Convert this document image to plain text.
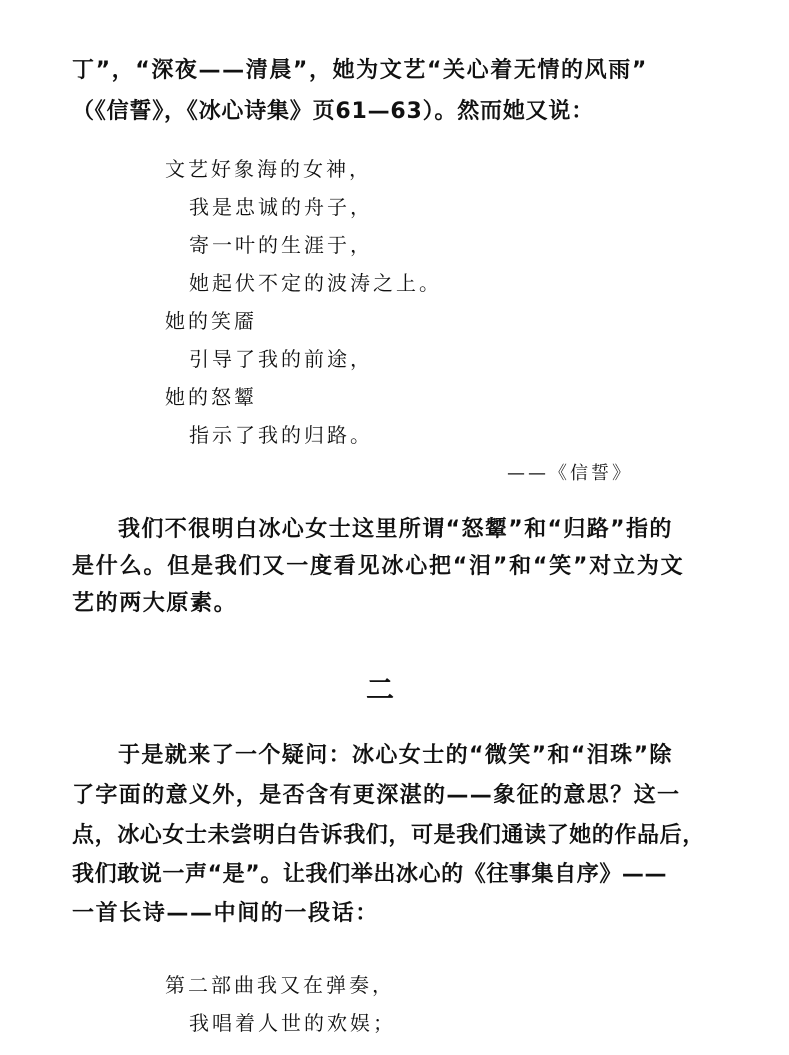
丁”，“深夜——清晨”，她为文艺“关心着无情的风雨”
（《信誓》，《冰心诗集》页61—63）。然而她又说：
文艺好象海的女神，
我是忠诚的舟子，
寄一叶的生涯于，
她起伏不定的波涛之上。
她的笑靥
引导了我的前途，
她的怒颦
指示了我的归路。
——《信誓》
我们不很明白冰心女士这里所谓“怒颦”和“归路”指的
是什么。但是我们又一度看见冰心把“泪”和“笑”对立为文
艺的两大原素。
二
于是就来了一个疑问：冰心女士的“微笑”和“泪珠”除
了字面的意义外，是否含有更深湛的——象征的意思？这一
点，冰心女士未尝明白告诉我们，可是我们通读了她的作品后，
我们敢说一声“是”。让我们举出冰心的《往事集自序》——
一首长诗——中间的一段话：
第二部曲我又在弹奏，
我唱着人世的欢娱；
